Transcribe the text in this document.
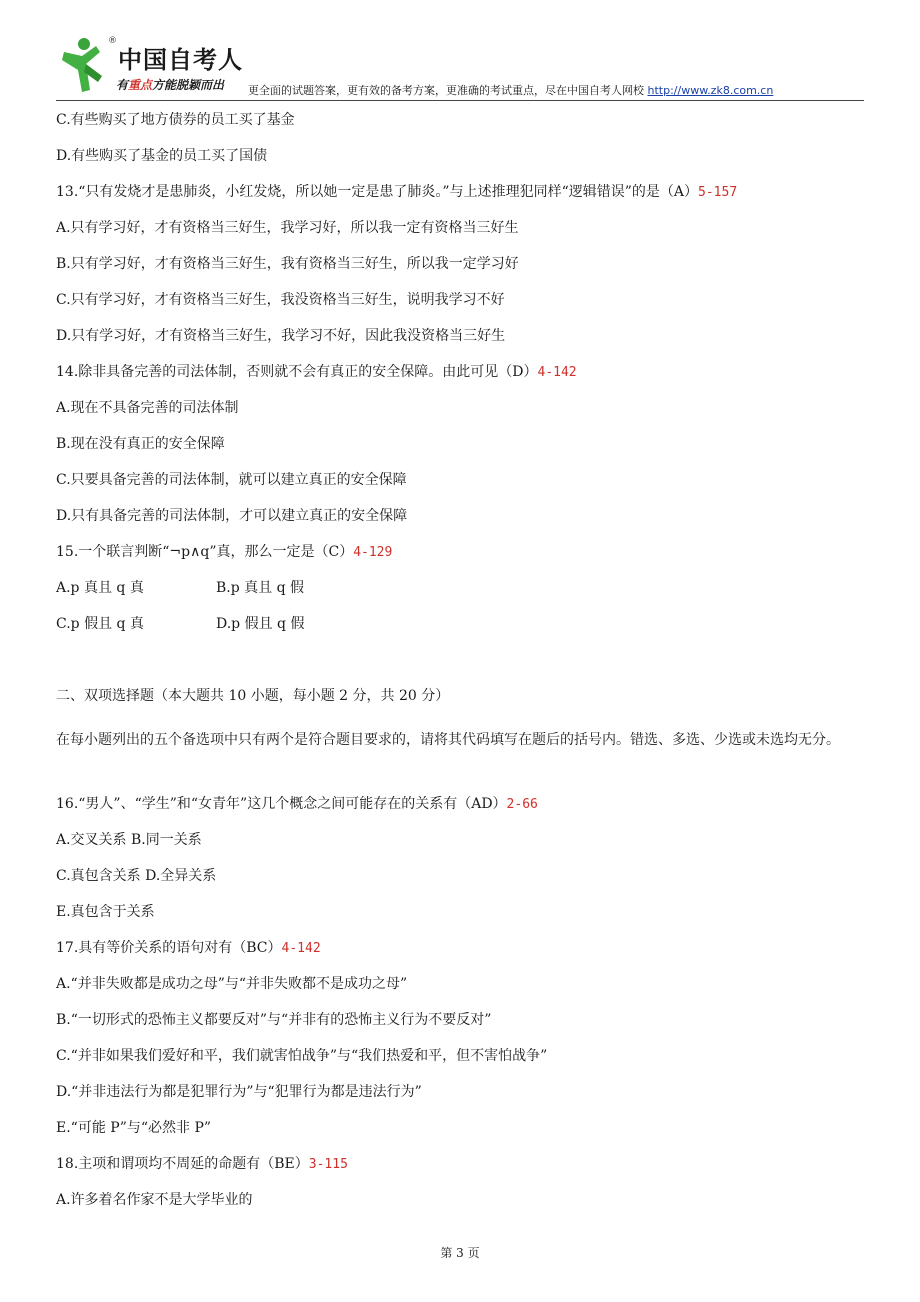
®
中国自考人
有重点方能脱颖而出 更全面的试题答案，更有效的备考方案，更准确的考试重点，尽在中国自考人网校 http://www.zk8.com.cn
C.有些购买了地方债券的员工买了基金
D.有些购买了基金的员工买了国债
13.“只有发烧才是患肺炎，小红发烧，所以她一定是患了肺炎。”与上述推理犯同样“逻辑错误”的是（A）5-157
A.只有学习好，才有资格当三好生，我学习好，所以我一定有资格当三好生
B.只有学习好，才有资格当三好生，我有资格当三好生，所以我一定学习好
C.只有学习好，才有资格当三好生，我没资格当三好生，说明我学习不好
D.只有学习好，才有资格当三好生，我学习不好，因此我没资格当三好生
14.除非具备完善的司法体制，否则就不会有真正的安全保障。由此可见（D）4-142
A.现在不具备完善的司法体制
B.现在没有真正的安全保障
C.只要具备完善的司法体制，就可以建立真正的安全保障
D.只有具备完善的司法体制，才可以建立真正的安全保障
15.一个联言判断“¬p∧q”真，那么一定是（C）4-129
A.p 真且 q 真	B.p 真且 q 假
C.p 假且 q 真	D.p 假且 q 假
二、双项选择题（本大题共 10 小题，每小题 2 分，共 20 分）
在每小题列出的五个备选项中只有两个是符合题目要求的，请将其代码填写在题后的括号内。错选、多选、少选或未选均无分。
16.“男人”、“学生”和“女青年”这几个概念之间可能存在的关系有（AD）2-66
A.交叉关系 B.同一关系
C.真包含关系 D.全异关系
E.真包含于关系
17.具有等价关系的语句对有（BC）4-142
A.“并非失败都是成功之母”与“并非失败都不是成功之母”
B.“一切形式的恐怖主义都要反对”与“并非有的恐怖主义行为不要反对”
C.“并非如果我们爱好和平，我们就害怕战争”与“我们热爱和平，但不害怕战争”
D.“并非违法行为都是犯罪行为”与“犯罪行为都是违法行为”
E.“可能 P”与“必然非 P”
18.主项和谓项均不周延的命题有（BE）3-115
A.许多着名作家不是大学毕业的
第 3 页
